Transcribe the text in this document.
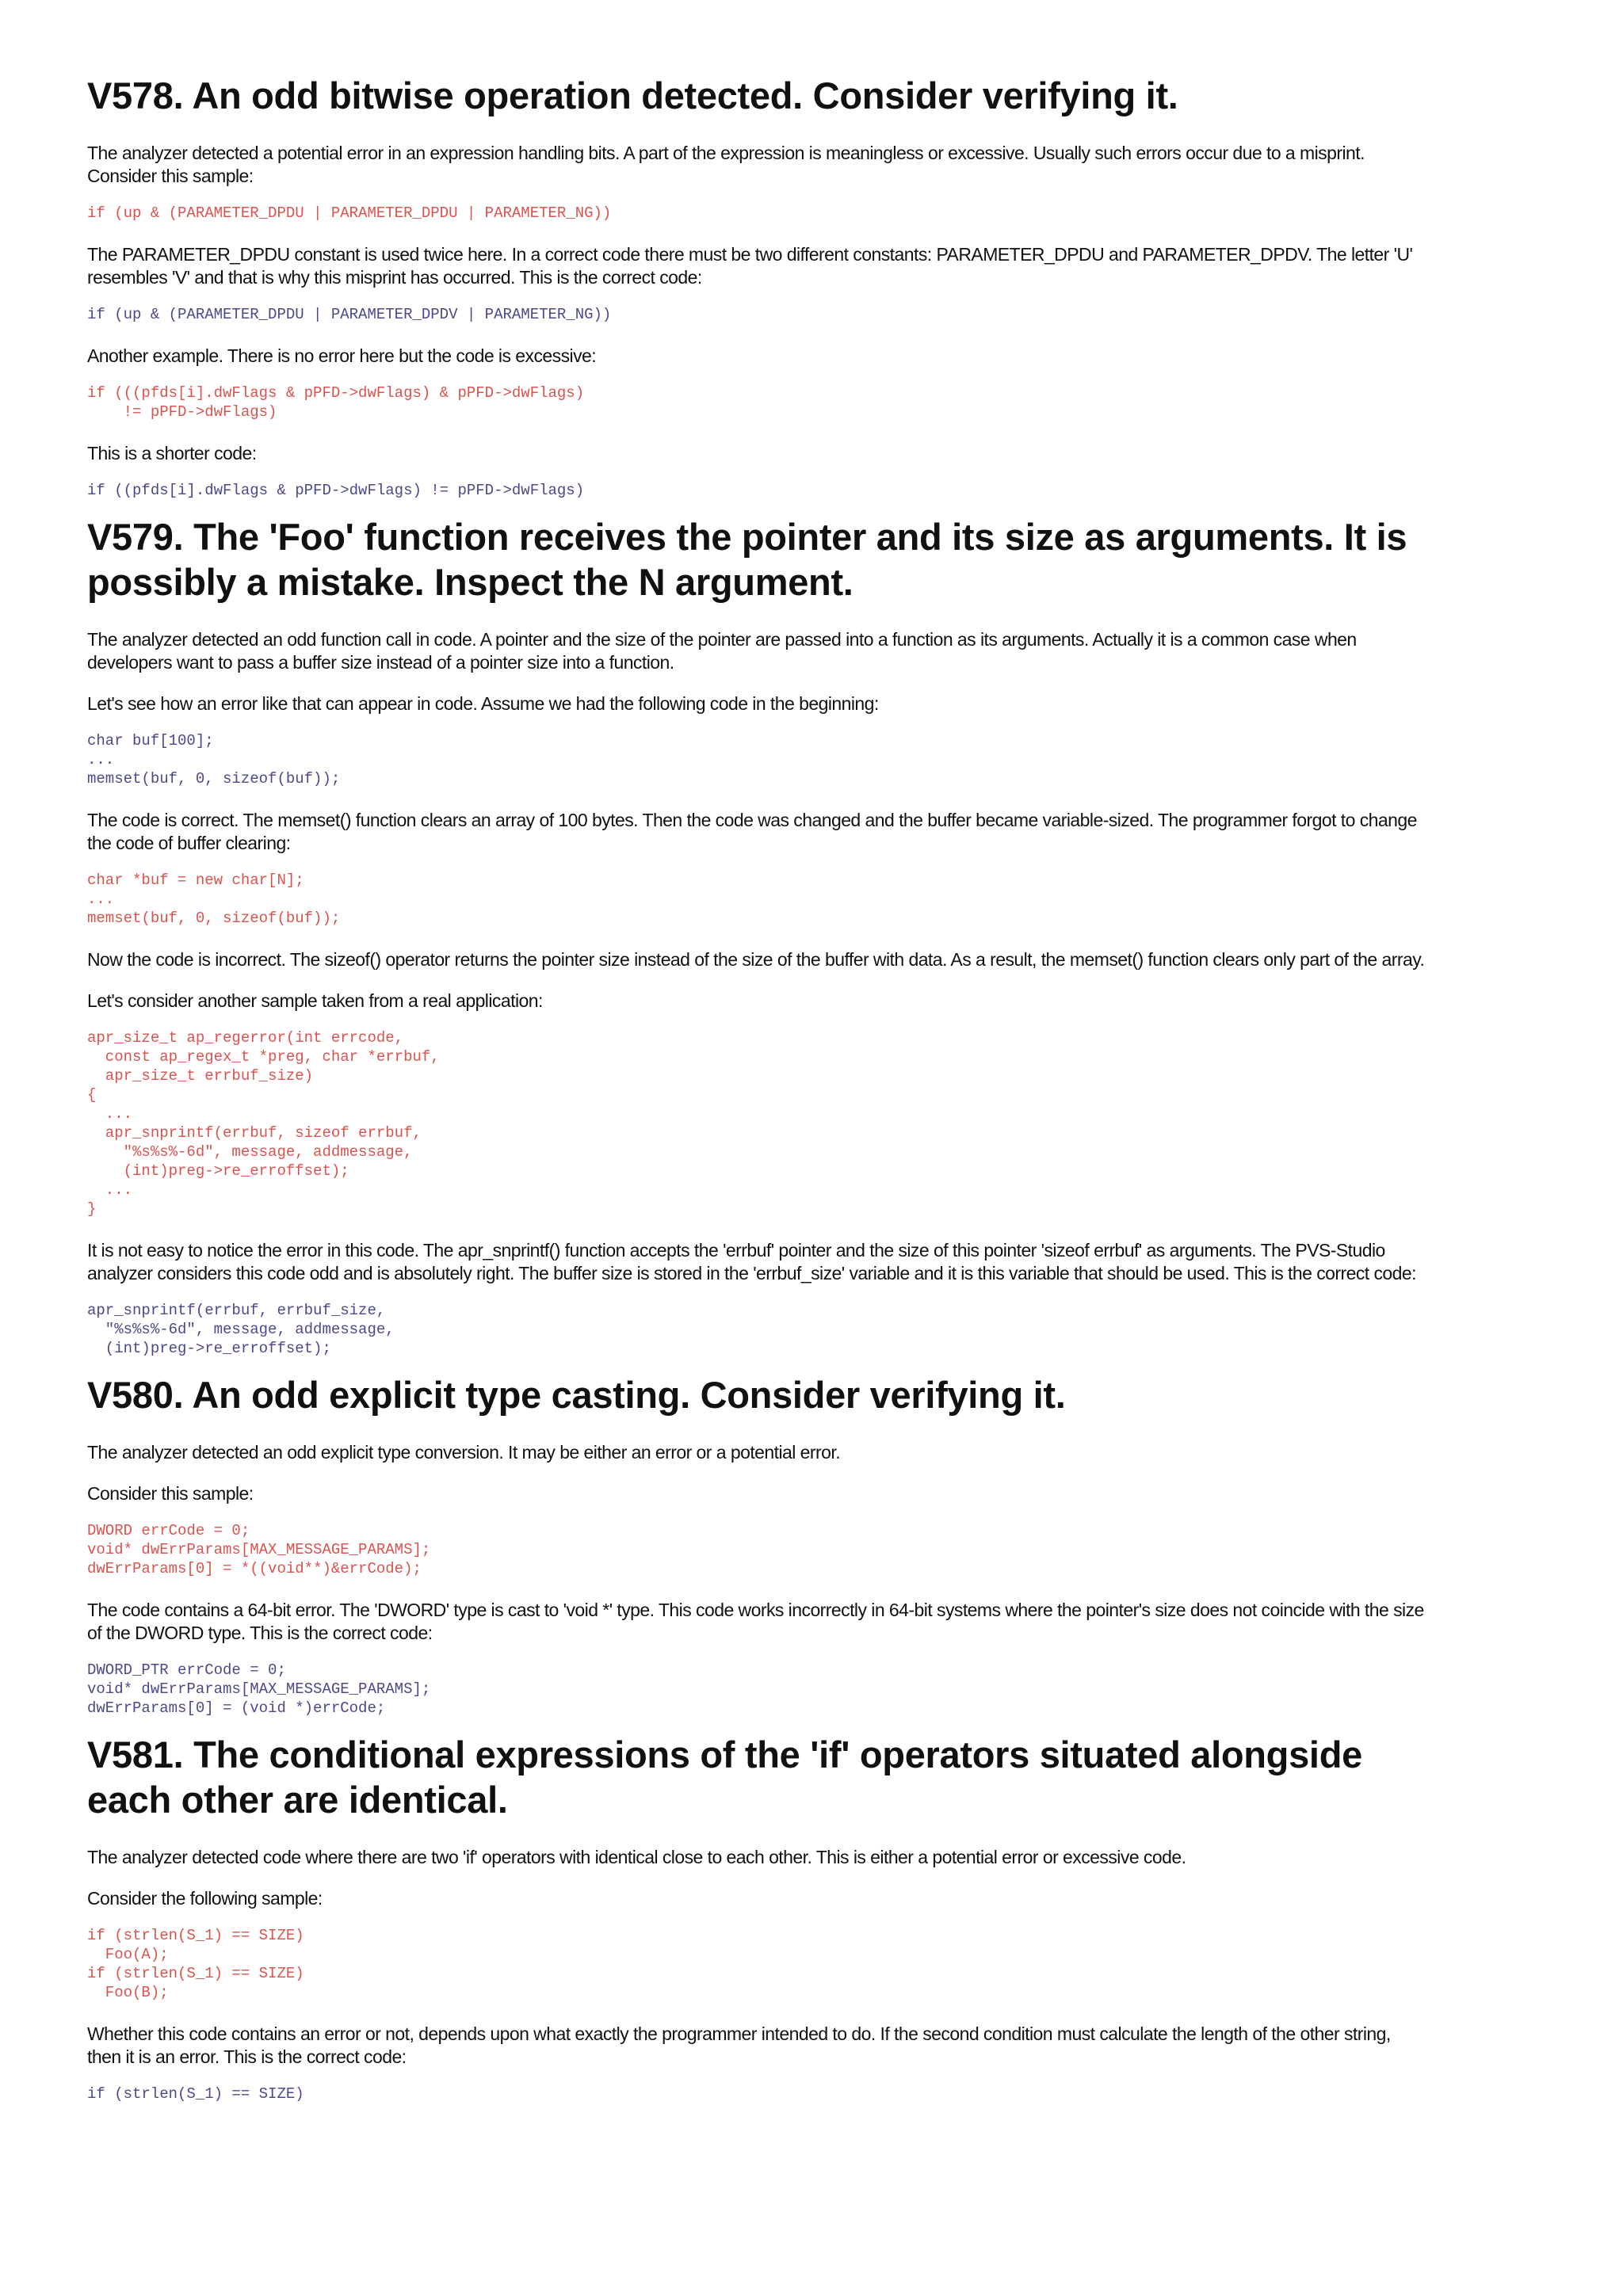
V578. An odd bitwise operation detected. Consider verifying it.

The analyzer detected a potential error in an expression handling bits. A part of the expression is meaningless or excessive. Usually such errors occur due to a misprint. Consider this sample:

if (up & (PARAMETER_DPDU | PARAMETER_DPDU | PARAMETER_NG))

The PARAMETER_DPDU constant is used twice here. In a correct code there must be two different constants: PARAMETER_DPDU and PARAMETER_DPDV. The letter 'U' resembles 'V' and that is why this misprint has occurred. This is the correct code:

if (up & (PARAMETER_DPDU | PARAMETER_DPDV | PARAMETER_NG))

Another example. There is no error here but the code is excessive:

if (((pfds[i].dwFlags & pPFD->dwFlags) & pPFD->dwFlags)
!= pPFD->dwFlags)

This is a shorter code:

if ((pfds[i].dwFlags & pPFD->dwFlags) != pPFD->dwFlags)
V579. The 'Foo' function receives the pointer and its size as arguments. It is possibly a mistake. Inspect the N argument.

The analyzer detected an odd function call in code. A pointer and the size of the pointer are passed into a function as its arguments. Actually it is a common case when developers want to pass a buffer size instead of a pointer size into a function.

Let's see how an error like that can appear in code. Assume we had the following code in the beginning:

char buf[100];
...
memset(buf, 0, sizeof(buf));

The code is correct. The memset() function clears an array of 100 bytes. Then the code was changed and the buffer became variable-sized. The programmer forgot to change the code of buffer clearing:

char *buf = new char[N];
...
memset(buf, 0, sizeof(buf));

Now the code is incorrect. The sizeof() operator returns the pointer size instead of the size of the buffer with data. As a result, the memset() function clears only part of the array.

Let's consider another sample taken from a real application:

apr_size_t ap_regerror(int errcode,
const ap_regex_t *preg, char *errbuf,
apr_size_t errbuf_size)
{
...
apr_snprintf(errbuf, sizeof errbuf,
"%s%s%-6d", message, addmessage,
(int)preg->re_erroffset);
...
}

It is not easy to notice the error in this code. The apr_snprintf() function accepts the 'errbuf' pointer and the size of this pointer 'sizeof errbuf' as arguments. The PVS-Studio analyzer considers this code odd and is absolutely right. The buffer size is stored in the 'errbuf_size' variable and it is this variable that should be used. This is the correct code:

apr_snprintf(errbuf, errbuf_size,
"%s%s%-6d", message, addmessage,
(int)preg->re_erroffset);
V580. An odd explicit type casting. Consider verifying it.

The analyzer detected an odd explicit type conversion. It may be either an error or a potential error.

Consider this sample:

DWORD errCode = 0;
void* dwErrParams[MAX_MESSAGE_PARAMS];
dwErrParams[0] = *((void**)&errCode);

The code contains a 64-bit error. The 'DWORD' type is cast to 'void *' type. This code works incorrectly in 64-bit systems where the pointer's size does not coincide with the size of the DWORD type. This is the correct code:

DWORD_PTR errCode = 0;
void* dwErrParams[MAX_MESSAGE_PARAMS];
dwErrParams[0] = (void *)errCode;
V581. The conditional expressions of the 'if' operators situated alongside each other are identical.

The analyzer detected code where there are two 'if' operators with identical close to each other. This is either a potential error or excessive code.

Consider the following sample:

if (strlen(S_1) == SIZE)
Foo(A);
if (strlen(S_1) == SIZE)
Foo(B);

Whether this code contains an error or not, depends upon what exactly the programmer intended to do. If the second condition must calculate the length of the other string, then it is an error. This is the correct code:

if (strlen(S_1) == SIZE)
